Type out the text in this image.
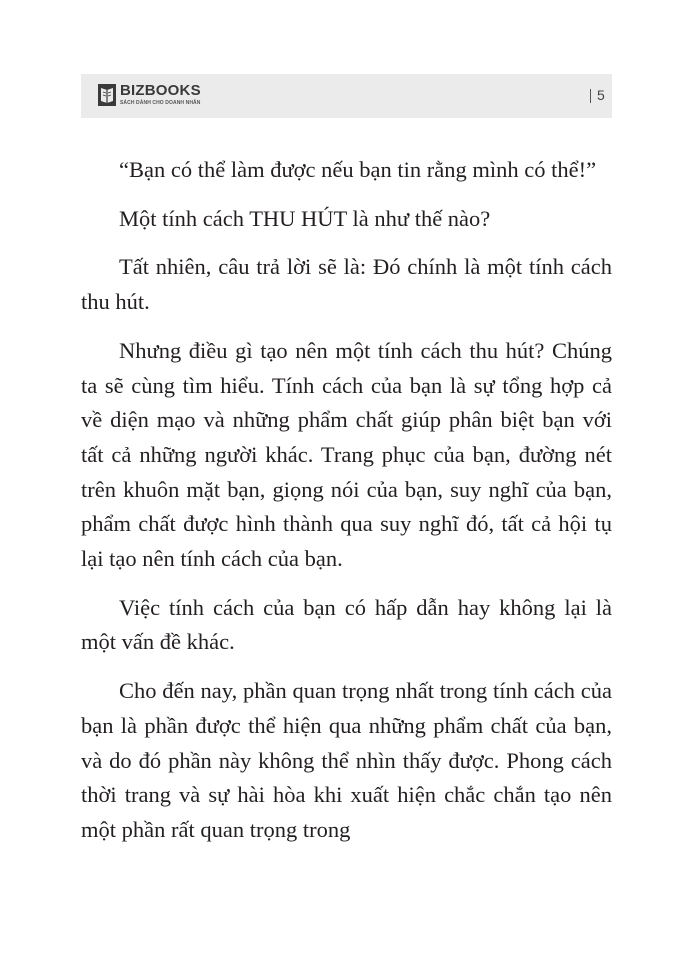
BIZBOOKS
SÁCH DÀNH CHO DOANH NHÂN	5

“Bạn có thể làm được nếu bạn tin rằng mình có thể!”

Một tính cách THU HÚT là như thế nào?

Tất nhiên, câu trả lời sẽ là: Đó chính là một tính cách thu hút.

Nhưng điều gì tạo nên một tính cách thu hút? Chúng ta sẽ cùng tìm hiểu. Tính cách của bạn là sự tổng hợp cả về diện mạo và những phẩm chất giúp phân biệt bạn với tất cả những người khác. Trang phục của bạn, đường nét trên khuôn mặt bạn, giọng nói của bạn, suy nghĩ của bạn, phẩm chất được hình thành qua suy nghĩ đó, tất cả hội tụ lại tạo nên tính cách của bạn.

Việc tính cách của bạn có hấp dẫn hay không lại là một vấn đề khác.

Cho đến nay, phần quan trọng nhất trong tính cách của bạn là phần được thể hiện qua những phẩm chất của bạn, và do đó phần này không thể nhìn thấy được. Phong cách thời trang và sự hài hòa khi xuất hiện chắc chắn tạo nên một phần rất quan trọng trong
